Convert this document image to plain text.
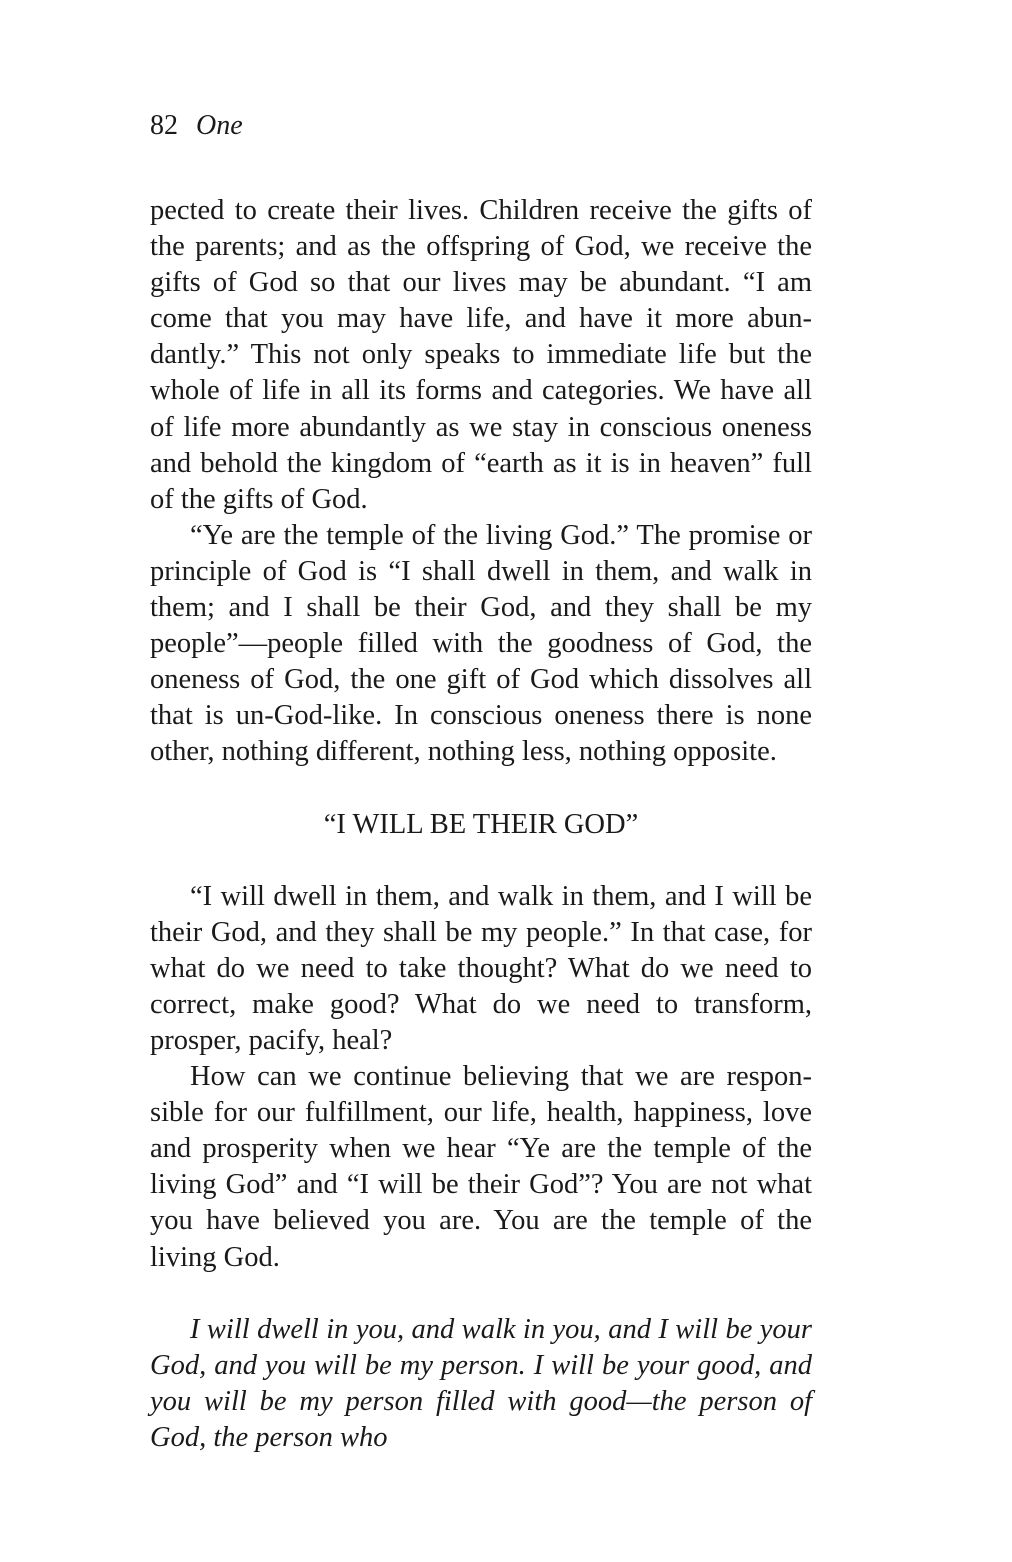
82 One

pected to create their lives. Children receive the gifts of the parents; and as the offspring of God, we receive the gifts of God so that our lives may be abundant. “I am come that you may have life, and have it more abundantly.” This not only speaks to immediate life but the whole of life in all its forms and categories. We have all of life more abundantly as we stay in conscious oneness and behold the kingdom of “earth as it is in heaven” full of the gifts of God.

“Ye are the temple of the living God.” The promise or principle of God is “I shall dwell in them, and walk in them; and I shall be their God, and they shall be my people”—people filled with the goodness of God, the oneness of God, the one gift of God which dissolves all that is un-God-like. In conscious oneness there is none other, nothing different, nothing less, nothing opposite.

“I WILL BE THEIR GOD”

“I will dwell in them, and walk in them, and I will be their God, and they shall be my people.” In that case, for what do we need to take thought? What do we need to correct, make good? What do we need to transform, prosper, pacify, heal?

How can we continue believing that we are responsible for our fulfillment, our life, health, happiness, love and prosperity when we hear “Ye are the temple of the living God” and “I will be their God”? You are not what you have believed you are. You are the temple of the living God.

I will dwell in you, and walk in you, and I will be your God, and you will be my person. I will be your good, and you will be my person filled with good—the person of God, the person who
